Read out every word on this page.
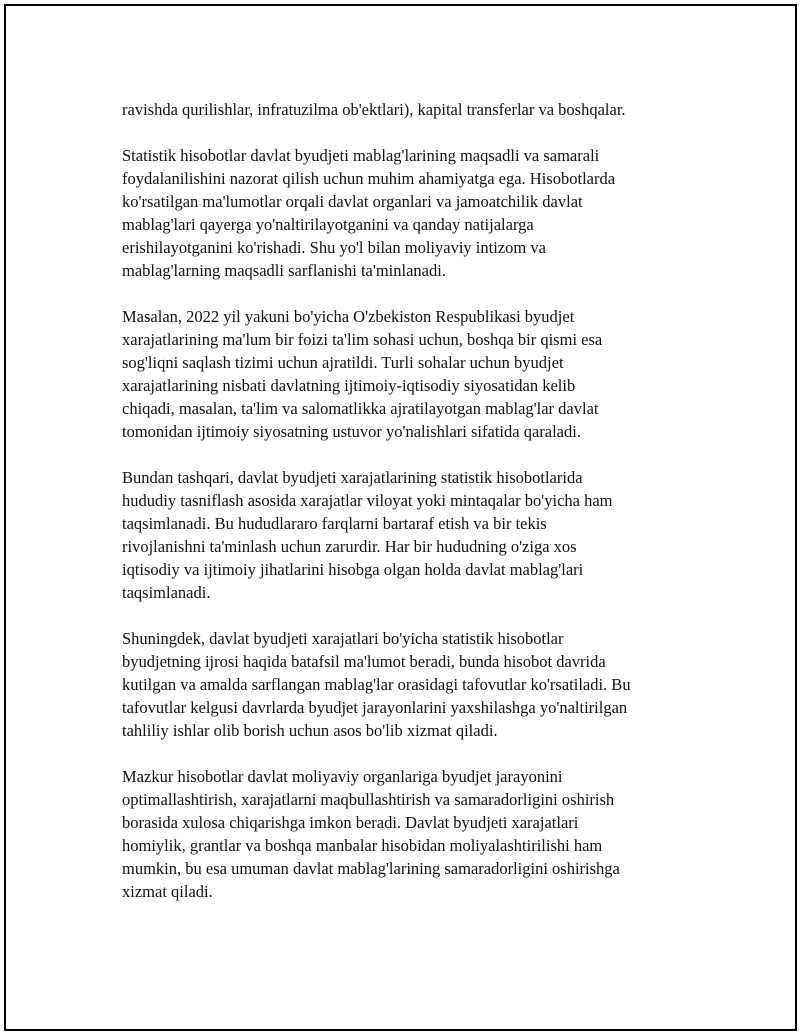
ravishda qurilishlar, infratuzilma ob'ektlari), kapital transferlar va boshqalar.

Statistik hisobotlar davlat byudjeti mablag'larining maqsadli va samarali
foydalanilishini nazorat qilish uchun muhim ahamiyatga ega. Hisobotlarda
ko'rsatilgan ma'lumotlar orqali davlat organlari va jamoatchilik davlat
mablag'lari qayerga yo'naltirilayotganini va qanday natijalarga
erishilayotganini ko'rishadi. Shu yo'l bilan moliyaviy intizom va
mablag'larning maqsadli sarflanishi ta'minlanadi.

Masalan, 2022 yil yakuni bo'yicha O'zbekiston Respublikasi byudjet
xarajatlarining ma'lum bir foizi ta'lim sohasi uchun, boshqa bir qismi esa
sog'liqni saqlash tizimi uchun ajratildi. Turli sohalar uchun byudjet
xarajatlarining nisbati davlatning ijtimoiy-iqtisodiy siyosatidan kelib
chiqadi, masalan, ta'lim va salomatlikka ajratilayotgan mablag'lar davlat
tomonidan ijtimoiy siyosatning ustuvor yo'nalishlari sifatida qaraladi.

Bundan tashqari, davlat byudjeti xarajatlarining statistik hisobotlarida
hududiy tasniflash asosida xarajatlar viloyat yoki mintaqalar bo'yicha ham
taqsimlanadi. Bu hududlararo farqlarni bartaraf etish va bir tekis
rivojlanishni ta'minlash uchun zarurdir. Har bir hududning o'ziga xos
iqtisodiy va ijtimoiy jihatlarini hisobga olgan holda davlat mablag'lari
taqsimlanadi.

Shuningdek, davlat byudjeti xarajatlari bo'yicha statistik hisobotlar
byudjetning ijrosi haqida batafsil ma'lumot beradi, bunda hisobot davrida
kutilgan va amalda sarflangan mablag'lar orasidagi tafovutlar ko'rsatiladi. Bu
tafovutlar kelgusi davrlarda byudjet jarayonlarini yaxshilashga yo'naltirilgan
tahliliy ishlar olib borish uchun asos bo'lib xizmat qiladi.

Mazkur hisobotlar davlat moliyaviy organlariga byudjet jarayonini
optimallashtirish, xarajatlarni maqbullashtirish va samaradorligini oshirish
borasida xulosa chiqarishga imkon beradi. Davlat byudjeti xarajatlari
homiylik, grantlar va boshqa manbalar hisobidan moliyalashtirilishi ham
mumkin, bu esa umuman davlat mablag'larining samaradorligini oshirishga
xizmat qiladi.
